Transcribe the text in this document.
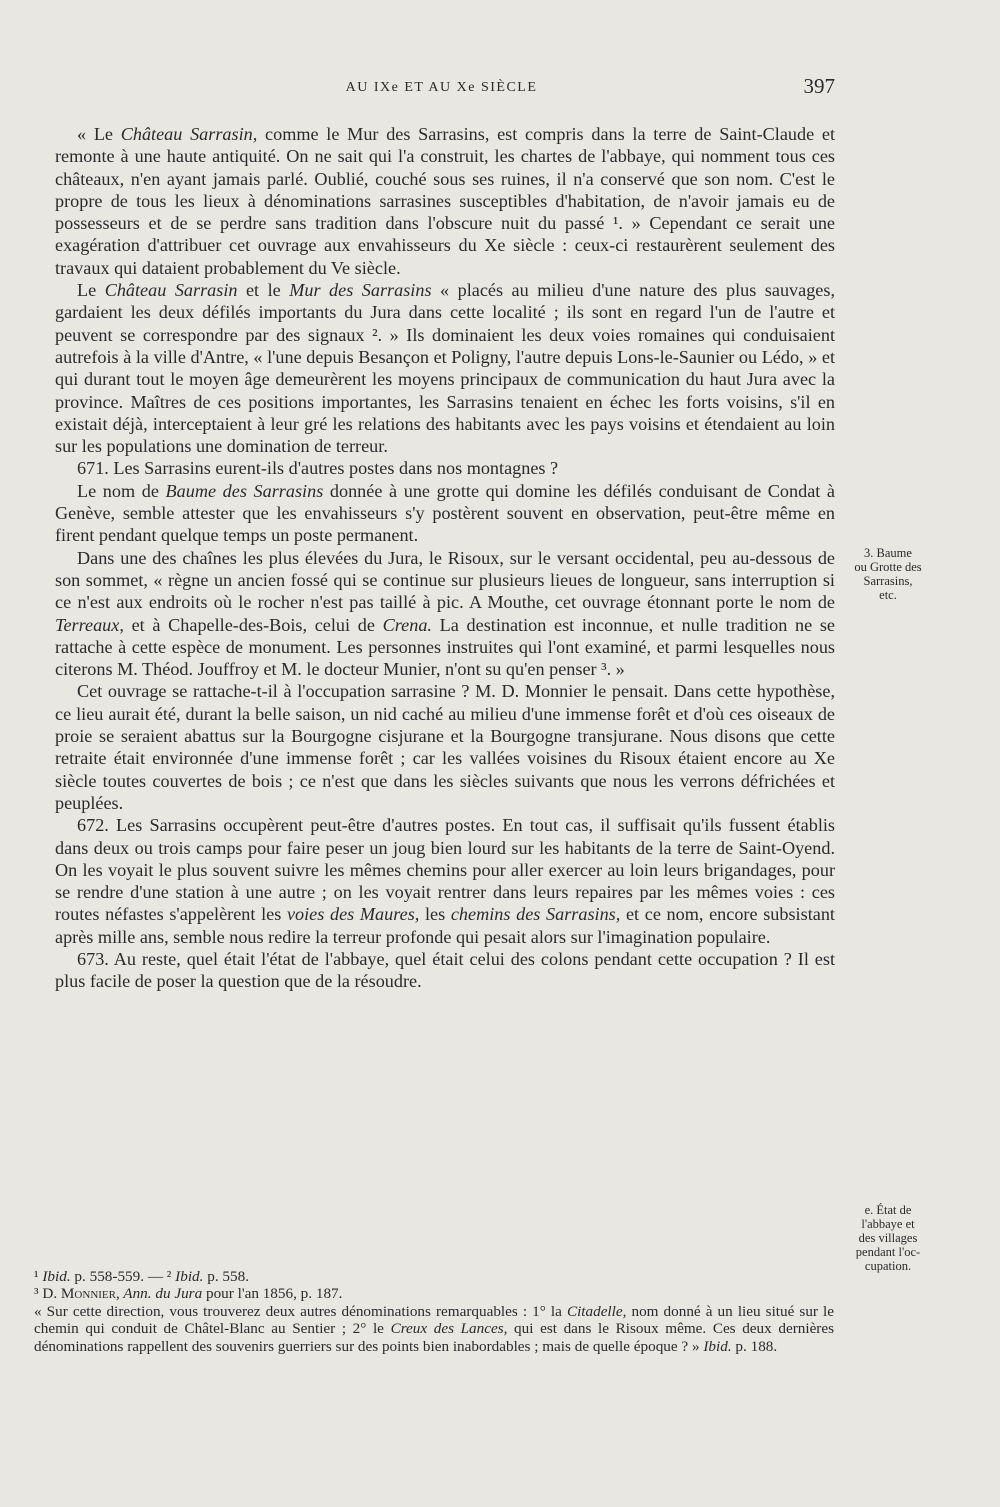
AU IXe ET AU Xe SIÈCLE	397

« Le Château Sarrasin, comme le Mur des Sarrasins, est compris dans la terre de Saint-Claude et remonte à une haute antiquité. On ne sait qui l'a construit, les chartes de l'abbaye, qui nomment tous ces châteaux, n'en ayant jamais parlé. Oublié, couché sous ses ruines, il n'a conservé que son nom. C'est le propre de tous les lieux à dénominations sarrasines susceptibles d'habitation, de n'avoir jamais eu de possesseurs et de se perdre sans tradition dans l'obscure nuit du passé ¹. » Cependant ce serait une exagération d'attribuer cet ouvrage aux envahisseurs du Xe siècle : ceux-ci restaurèrent seulement des travaux qui dataient probablement du Ve siècle.

Le Château Sarrasin et le Mur des Sarrasins « placés au milieu d'une nature des plus sauvages, gardaient les deux défilés importants du Jura dans cette localité ; ils sont en regard l'un de l'autre et peuvent se correspondre par des signaux ². » Ils dominaient les deux voies romaines qui conduisaient autrefois à la ville d'Antre, « l'une depuis Besançon et Poligny, l'autre depuis Lons-le-Saunier ou Lédo, » et qui durant tout le moyen âge demeurèrent les moyens principaux de communication du haut Jura avec la province. Maîtres de ces positions importantes, les Sarrasins tenaient en échec les forts voisins, s'il en existait déjà, interceptaient à leur gré les relations des habitants avec les pays voisins et étendaient au loin sur les populations une domination de terreur.

671. Les Sarrasins eurent-ils d'autres postes dans nos montagnes ?

Le nom de Baume des Sarrasins donnée à une grotte qui domine les défilés conduisant de Condat à Genève, semble attester que les envahisseurs s'y postèrent souvent en observation, peut-être même en firent pendant quelque temps un poste permanent.

Dans une des chaînes les plus élevées du Jura, le Risoux, sur le versant occidental, peu au-dessous de son sommet, « règne un ancien fossé qui se continue sur plusieurs lieues de longueur, sans interruption si ce n'est aux endroits où le rocher n'est pas taillé à pic. A Mouthe, cet ouvrage étonnant porte le nom de Terreaux, et à Chapelle-des-Bois, celui de Crena. La destination est inconnue, et nulle tradition ne se rattache à cette espèce de monument. Les personnes instruites qui l'ont examiné, et parmi lesquelles nous citerons M. Théod. Jouffroy et M. le docteur Munier, n'ont su qu'en penser ³. »

Cet ouvrage se rattache-t-il à l'occupation sarrasine ? M. D. Monnier le pensait. Dans cette hypothèse, ce lieu aurait été, durant la belle saison, un nid caché au milieu d'une immense forêt et d'où ces oiseaux de proie se seraient abattus sur la Bourgogne cisjurane et la Bourgogne transjurane. Nous disons que cette retraite était environnée d'une immense forêt ; car les vallées voisines du Risoux étaient encore au Xe siècle toutes couvertes de bois ; ce n'est que dans les siècles suivants que nous les verrons défrichées et peuplées.

672. Les Sarrasins occupèrent peut-être d'autres postes. En tout cas, il suffisait qu'ils fussent établis dans deux ou trois camps pour faire peser un joug bien lourd sur les habitants de la terre de Saint-Oyend. On les voyait le plus souvent suivre les mêmes chemins pour aller exercer au loin leurs brigandages, pour se rendre d'une station à une autre ; on les voyait rentrer dans leurs repaires par les mêmes voies : ces routes néfastes s'appelèrent les voies des Maures, les chemins des Sarrasins, et ce nom, encore subsistant après mille ans, semble nous redire la terreur profonde qui pesait alors sur l'imagination populaire.

673. Au reste, quel était l'état de l'abbaye, quel était celui des colons pendant cette occupation ? Il est plus facile de poser la question que de la résoudre.

3. Baume
ou Grotte des
Sarrasins,
etc.
e. État de
l'abbaye et
des villages
pendant l'oc-
cupation.

¹ Ibid. p. 558-559. — ² Ibid. p. 558.

³ D. Monnier, Ann. du Jura pour l'an 1856, p. 187.

« Sur cette direction, vous trouverez deux autres dénominations remarquables : 1° la Citadelle, nom donné à un lieu situé sur le chemin qui conduit de Châtel-Blanc au Sentier ; 2° le Creux des Lances, qui est dans le Risoux même. Ces deux dernières dénominations rappellent des souvenirs guerriers sur des points bien inabordables ; mais de quelle époque ? » Ibid. p. 188.
